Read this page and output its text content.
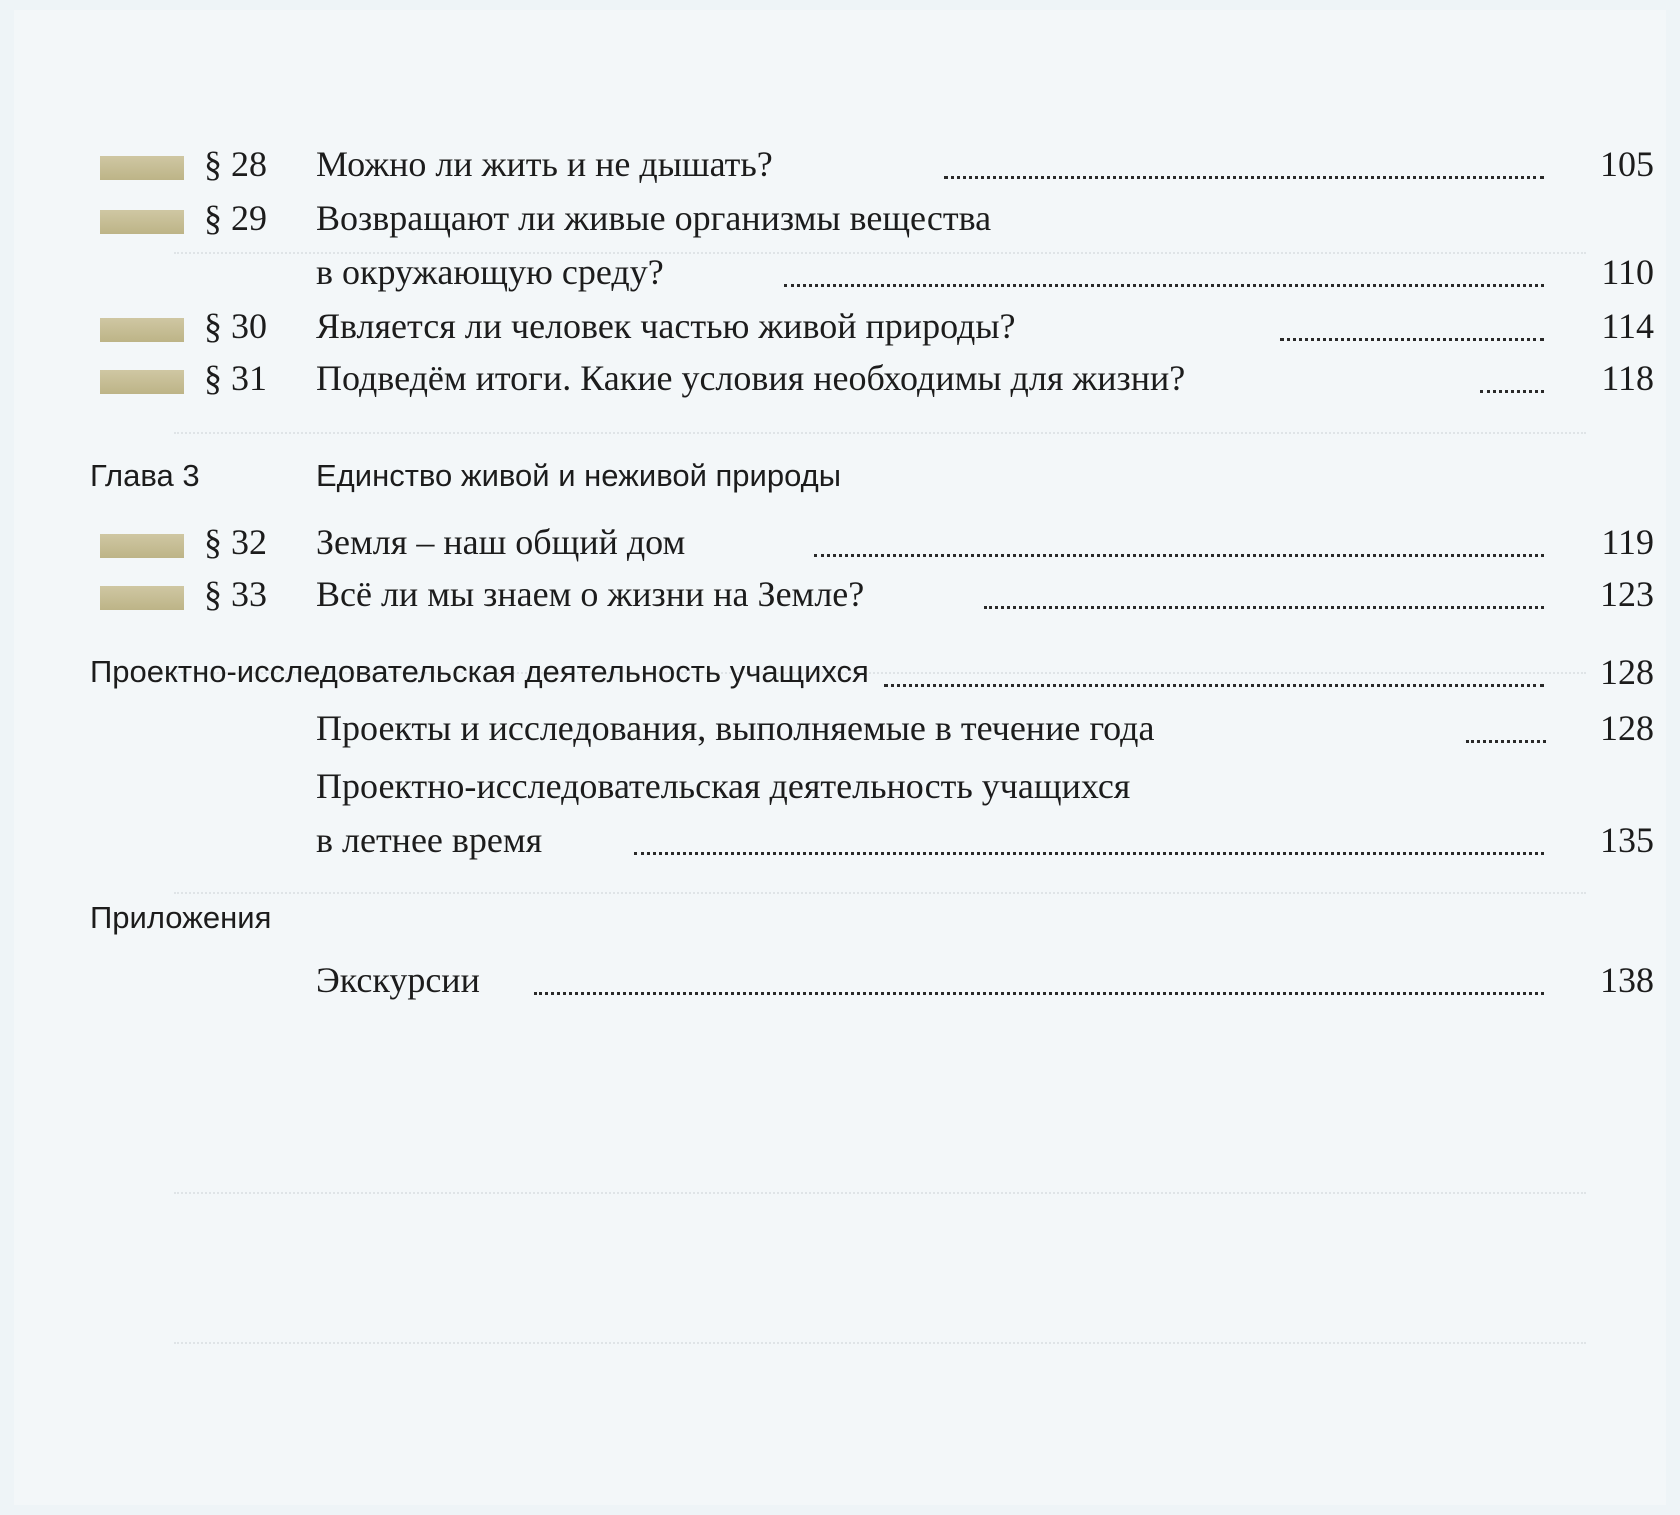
§ 28 Можно ли жить и не дышать?	105
§ 29 Возвращают ли живые организмы вещества
в окружающую среду?	110
§ 30 Является ли человек частью живой природы?	114
§ 31 Подведём итоги. Какие условия необходимы для жизни?	118
Глава 3	Единство живой и неживой природы
§ 32 Земля – наш общий дом	119
§ 33 Всё ли мы знаем о жизни на Земле?	123
Проектно-исследовательская деятельность учащихся	128
Проекты и исследования, выполняемые в течение года	128
Проектно-исследовательская деятельность учащихся
в летнее время	135
Приложения
Экскурсии	138
